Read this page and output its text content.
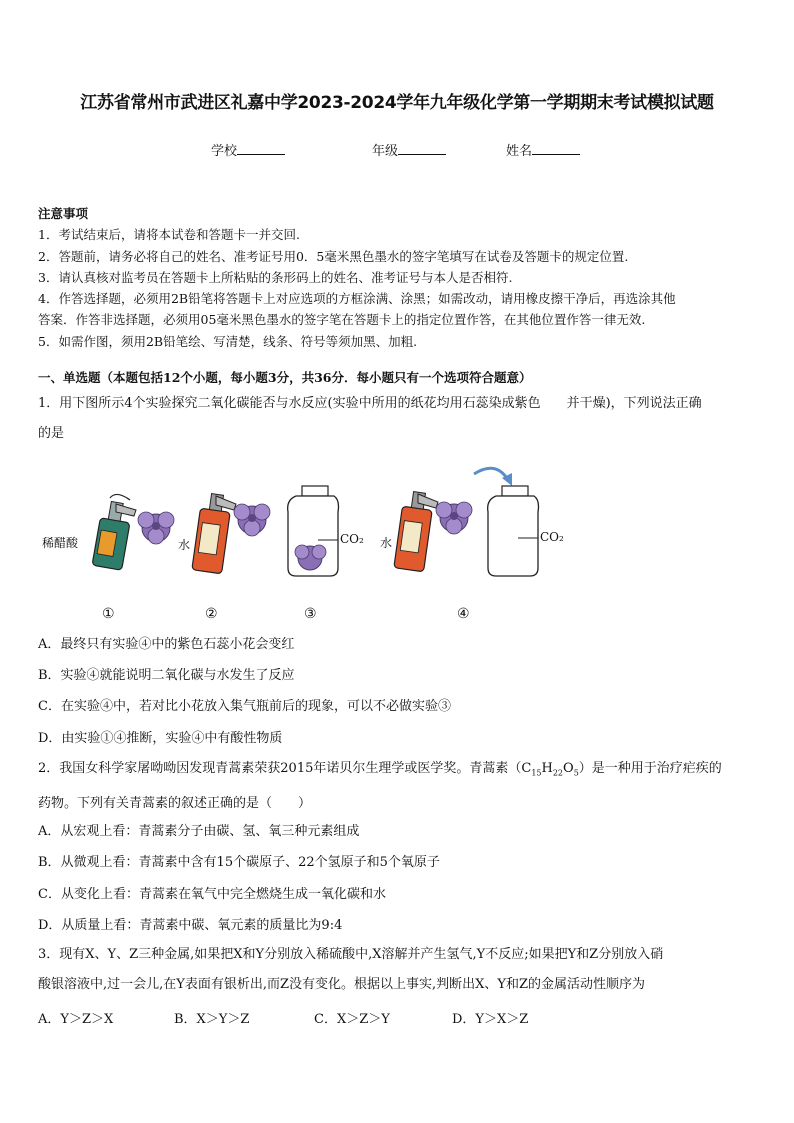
江苏省常州市武进区礼嘉中学2023-2024学年九年级化学第一学期期末考试模拟试题
学校	年级	姓名

注意事项

1．考试结束后，请将本试卷和答题卡一并交回.

2．答题前，请务必将自己的姓名、准考证号用0．5毫米黑色墨水的签字笔填写在试卷及答题卡的规定位置.

3．请认真核对监考员在答题卡上所粘贴的条形码上的姓名、准考证号与本人是否相符.

4．作答选择题，必须用2B铅笔将答题卡上对应选项的方框涂满、涂黑；如需改动，请用橡皮擦干净后，再选涂其他

答案．作答非选择题，必须用05毫米黑色墨水的签字笔在答题卡上的指定位置作答，在其他位置作答一律无效.

5．如需作图，须用2B铅笔绘、写清楚，线条、符号等须加黑、加粗.

一、单选题（本题包括12个小题，每小题3分，共36分．每小题只有一个选项符合题意）
1．用下图所示4个实验探究二氧化碳能否与水反应(实验中所用的纸花均用石蕊染成紫色　　并干燥)，下列说法正确
的是
稀醋酸	水	CO₂ 水	CO₂
①	②	③	④
A．最终只有实验④中的紫色石蕊小花会变红
B．实验④就能说明二氧化碳与水发生了反应
C．在实验④中，若对比小花放入集气瓶前后的现象，可以不必做实验③
D．由实验①④推断，实验④中有酸性物质
2．我国女科学家屠呦呦因发现青蒿素荣获2015年诺贝尔生理学或医学奖。青蒿素$(C_{15}H_{22}O_5)$是一种用于治疗疟疾的
药物。下列有关青蒿素的叙述正确的是（　　）
A．从宏观上看：青蒿素分子由碳、氢、氧三种元素组成
B．从微观上看：青蒿素中含有15个碳原子、22个氢原子和5个氧原子
C．从变化上看：青蒿素在氧气中完全燃烧生成一氧化碳和水
D．从质量上看：青蒿素中碳、氧元素的质量比为9:4
3．现有X、Y、Z三种金属,如果把X和Y分别放入稀硫酸中,X溶解并产生氢气,Y不反应;如果把Y和Z分别放入硝
酸银溶液中,过一会儿,在Y表面有银析出,而Z没有变化。根据以上事实,判断出X、Y和Z的金属活动性顺序为
A．Y＞Z＞X	B．X＞Y＞Z	C．X＞Z＞Y	D．Y＞X＞Z
